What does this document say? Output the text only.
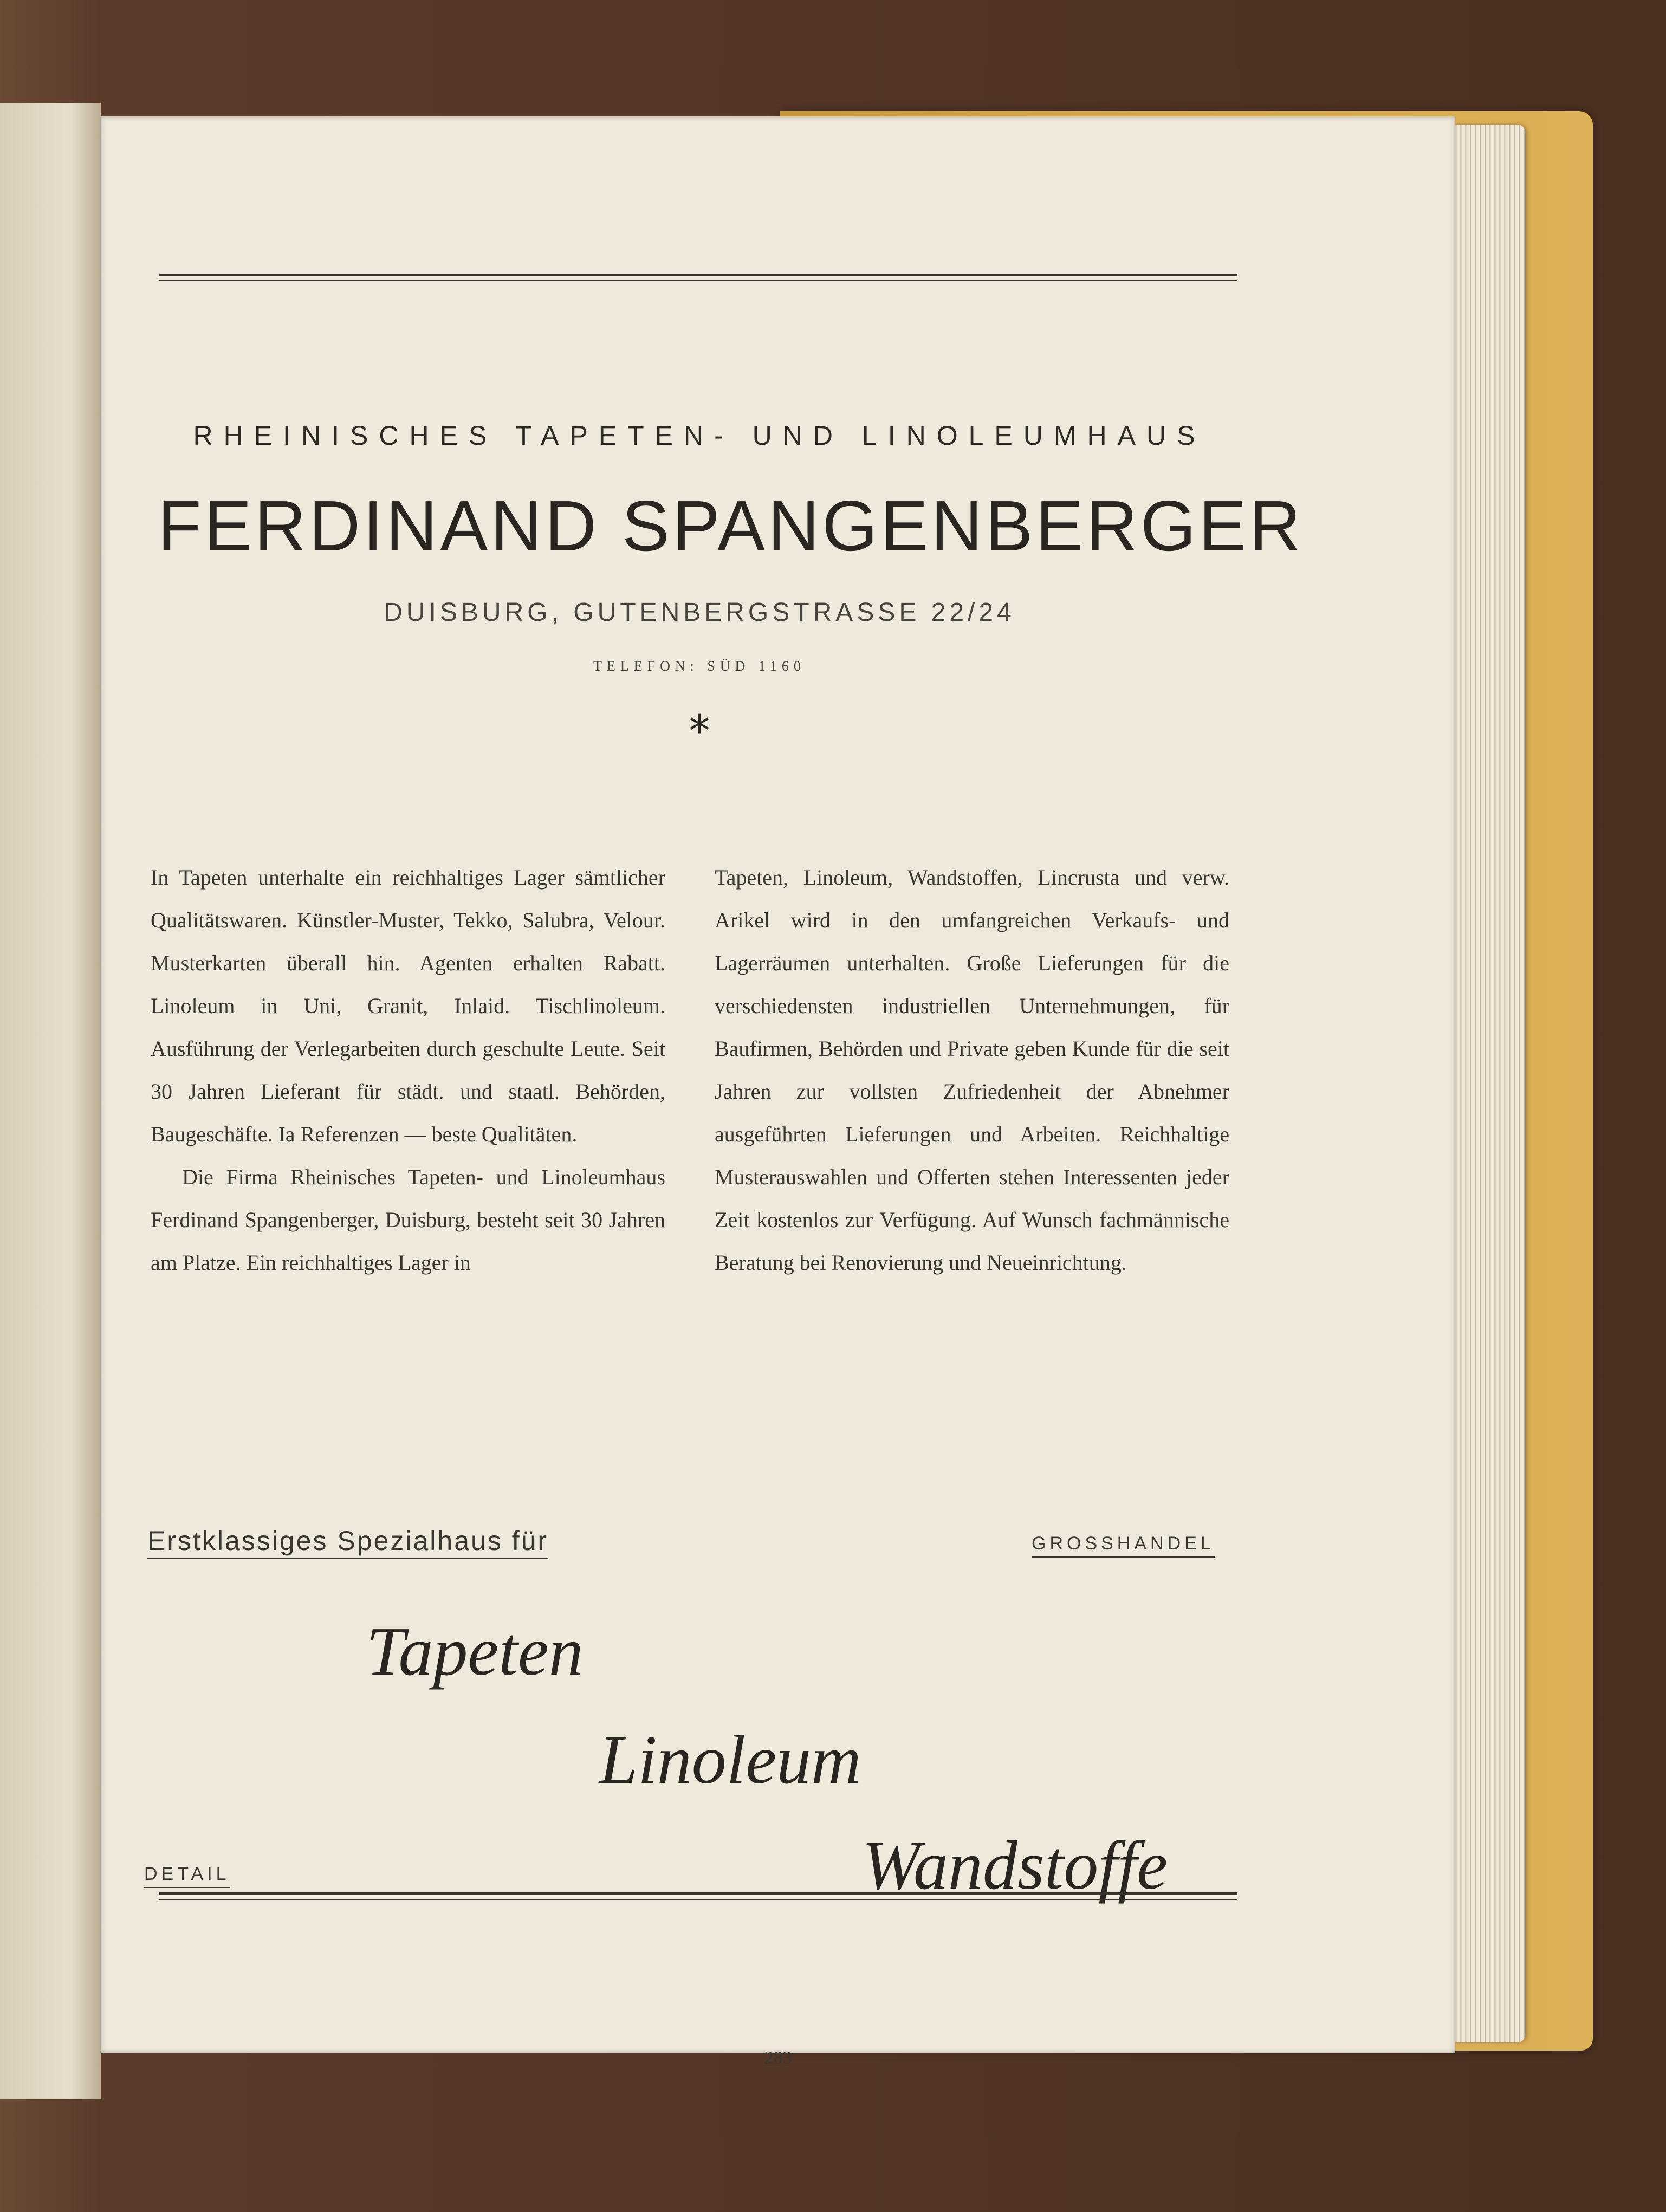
RHEINISCHES TAPETEN- UND LINOLEUMHAUS
FERDINAND SPANGENBERGER
DUISBURG, GUTENBERGSTRASSE 22/24
TELEFON: SÜD 1160
*

In Tapeten unterhalte ein reichhaltiges Lager sämtlicher Qualitätswaren. Künstler-Muster, Tekko, Salubra, Velour. Musterkarten überall hin. Agenten erhalten Rabatt. Linoleum in Uni, Granit, Inlaid. Tischlinoleum. Ausführung der Verlegarbeiten durch geschulte Leute. Seit 30 Jahren Lieferant für städt. und staatl. Behörden, Baugeschäfte. Ia Referenzen — beste Qualitäten.

Die Firma Rheinisches Tapeten- und Linoleumhaus Ferdinand Spangenberger, Duisburg, besteht seit 30 Jahren am Platze. Ein reichhaltiges Lager in

Tapeten, Linoleum, Wandstoffen, Lincrusta und verw. Arikel wird in den umfangreichen Verkaufs- und Lagerräumen unterhalten. Große Lieferungen für die verschiedensten industriellen Unternehmungen, für Baufirmen, Behörden und Private geben Kunde für die seit Jahren zur vollsten Zufriedenheit der Abnehmer ausgeführten Lieferungen und Arbeiten. Reichhaltige Musterauswahlen und Offerten stehen Interessenten jeder Zeit kostenlos zur Verfügung. Auf Wunsch fachmännische Beratung bei Renovierung und Neueinrichtung.

Erstklassiges Spezialhaus für	GROSSHANDEL
DETAIL
Tapeten
Linoleum
Wandstoffe
283
